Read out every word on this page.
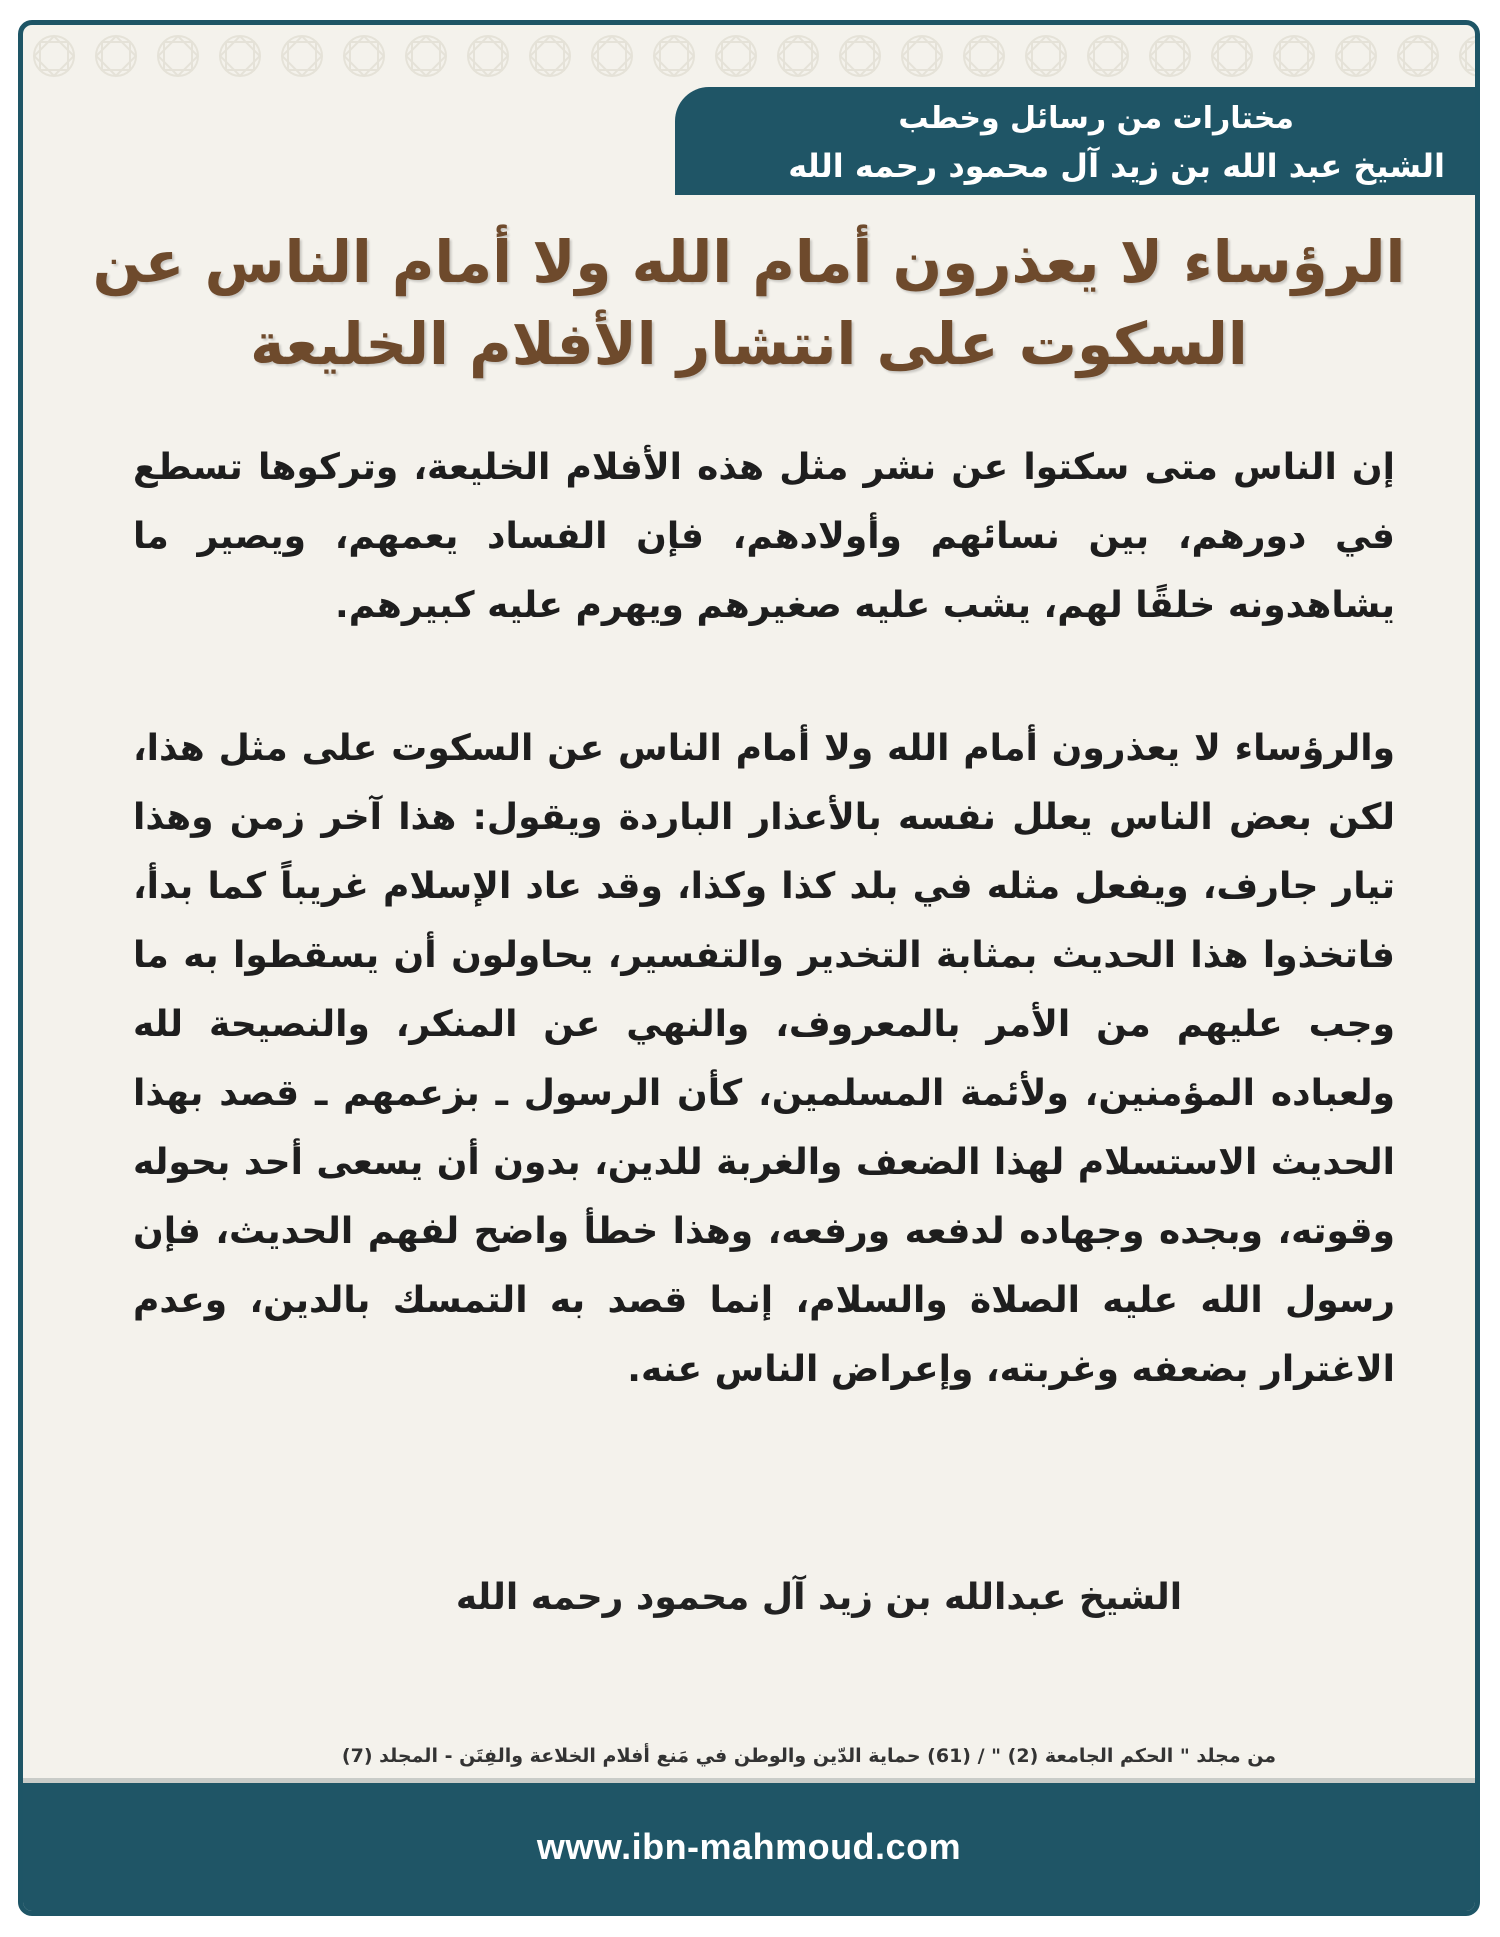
مختارات من رسائل وخطب
الشيخ عبد الله بن زيد آل محمود رحمه الله
الرؤساء لا يعذرون أمام الله ولا أمام الناس عن
السكوت على انتشار الأفلام الخليعة

إن الناس متى سكتوا عن نشر مثل هذه الأفلام الخليعة، وتركوها تسطع في دورهم، بين نسائهم وأولادهم، فإن الفساد يعمهم، ويصير ما يشاهدونه خلقًا لهم، يشب عليه صغيرهم ويهرم عليه كبيرهم.

والرؤساء لا يعذرون أمام الله ولا أمام الناس عن السكوت على مثل هذا، لكن بعض الناس يعلل نفسه بالأعذار الباردة ويقول: هذا آخر زمن وهذا تيار جارف، ويفعل مثله في بلد كذا وكذا، وقد عاد الإسلام غريباً كما بدأ، فاتخذوا هذا الحديث بمثابة التخدير والتفسير، يحاولون أن يسقطوا به ما وجب عليهم من الأمر بالمعروف، والنهي عن المنكر، والنصيحة لله ولعباده المؤمنين، ولأئمة المسلمين، كأن الرسول ـ بزعمهم ـ قصد بهذا الحديث الاستسلام لهذا الضعف والغربة للدين، بدون أن يسعى أحد بحوله وقوته، وبجده وجهاده لدفعه ورفعه، وهذا خطأ واضح لفهم الحديث، فإن رسول الله عليه الصلاة والسلام، إنما قصد به التمسك بالدين، وعدم الاغترار بضعفه وغربته، وإعراض الناس عنه.

الشيخ عبدالله بن زيد آل محمود رحمه الله
من مجلد " الحكم الجامعة (2) " / (61) حماية الدّين والوطن في مَنع أفلام الخلاعة والفِتَن - المجلد (7)
www.ibn-mahmoud.com
